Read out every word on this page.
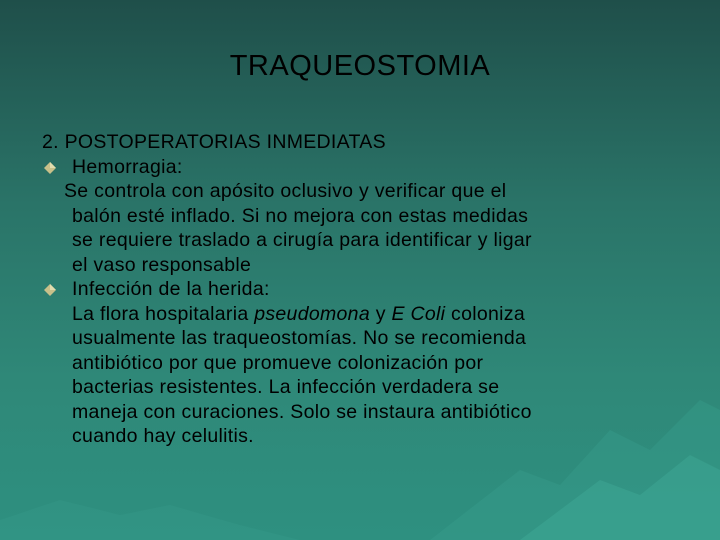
TRAQUEOSTOMIA
2. POSTOPERATORIAS INMEDIATAS
Hemorragia:
Se controla con apósito oclusivo y verificar que el
balón esté inflado. Si no mejora con estas medidas
se requiere traslado a cirugía para identificar y ligar
el vaso responsable
Infección de la herida:
La flora hospitalaria pseudomona y E Coli coloniza
usualmente las traqueostomías. No se recomienda
antibiótico por que promueve colonización por
bacterias resistentes. La infección verdadera se
maneja con curaciones. Solo se instaura antibiótico
cuando hay celulitis.
